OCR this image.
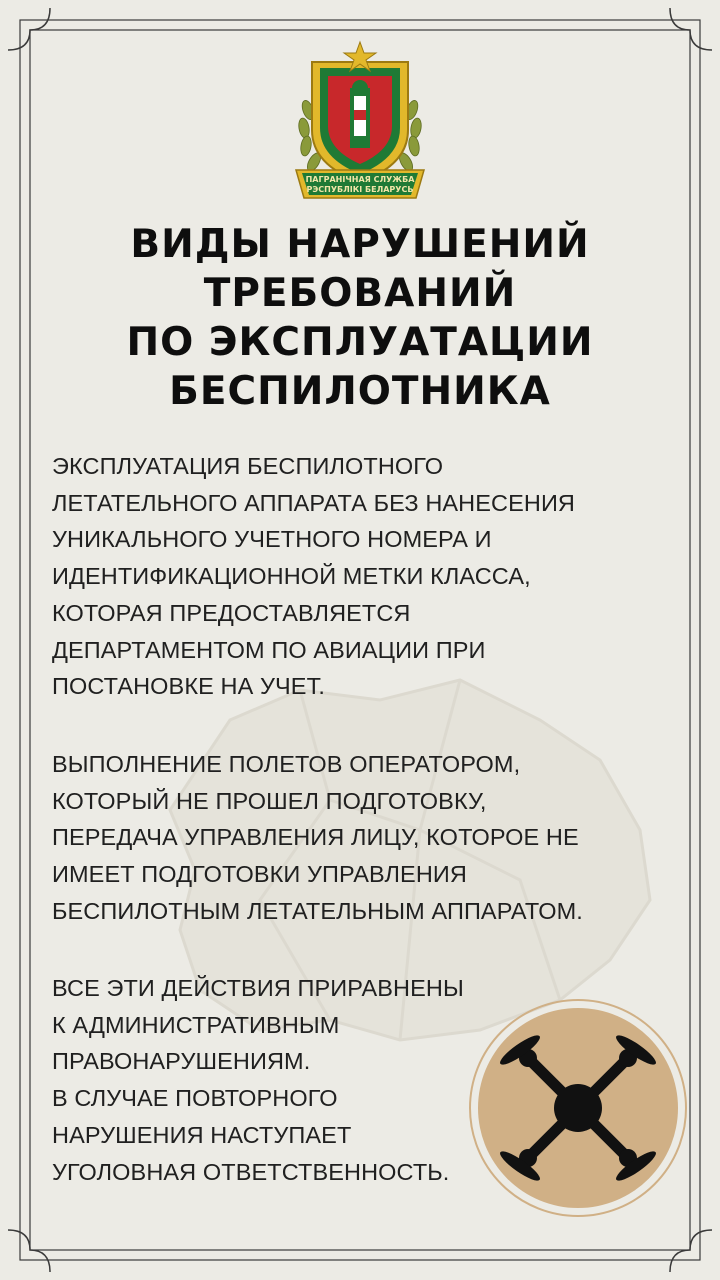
ПАГРАНІЧНАЯ СЛУЖБА
РЭСПУБЛІКІ БЕЛАРУСЬ
ВИДЫ НАРУШЕНИЙ
ТРЕБОВАНИЙ
ПО ЭКСПЛУАТАЦИИ
БЕСПИЛОТНИКА
ЭКСПЛУАТАЦИЯ БЕСПИЛОТНОГО
ЛЕТАТЕЛЬНОГО АППАРАТА БЕЗ НАНЕСЕНИЯ
УНИКАЛЬНОГО УЧЕТНОГО НОМЕРА И
ИДЕНТИФИКАЦИОННОЙ МЕТКИ КЛАССА,
КОТОРАЯ ПРЕДОСТАВЛЯЕТСЯ
ДЕПАРТАМЕНТОМ ПО АВИАЦИИ ПРИ
ПОСТАНОВКЕ НА УЧЕТ.
ВЫПОЛНЕНИЕ ПОЛЕТОВ ОПЕРАТОРОМ,
КОТОРЫЙ НЕ ПРОШЕЛ ПОДГОТОВКУ,
ПЕРЕДАЧА УПРАВЛЕНИЯ ЛИЦУ, КОТОРОЕ НЕ
ИМЕЕТ ПОДГОТОВКИ УПРАВЛЕНИЯ
БЕСПИЛОТНЫМ ЛЕТАТЕЛЬНЫМ АППАРАТОМ.
ВСЕ ЭТИ ДЕЙСТВИЯ ПРИРАВНЕНЫ
К АДМИНИСТРАТИВНЫМ
ПРАВОНАРУШЕНИЯМ.
В СЛУЧАЕ ПОВТОРНОГО
НАРУШЕНИЯ НАСТУПАЕТ
УГОЛОВНАЯ ОТВЕТСТВЕННОСТЬ.
